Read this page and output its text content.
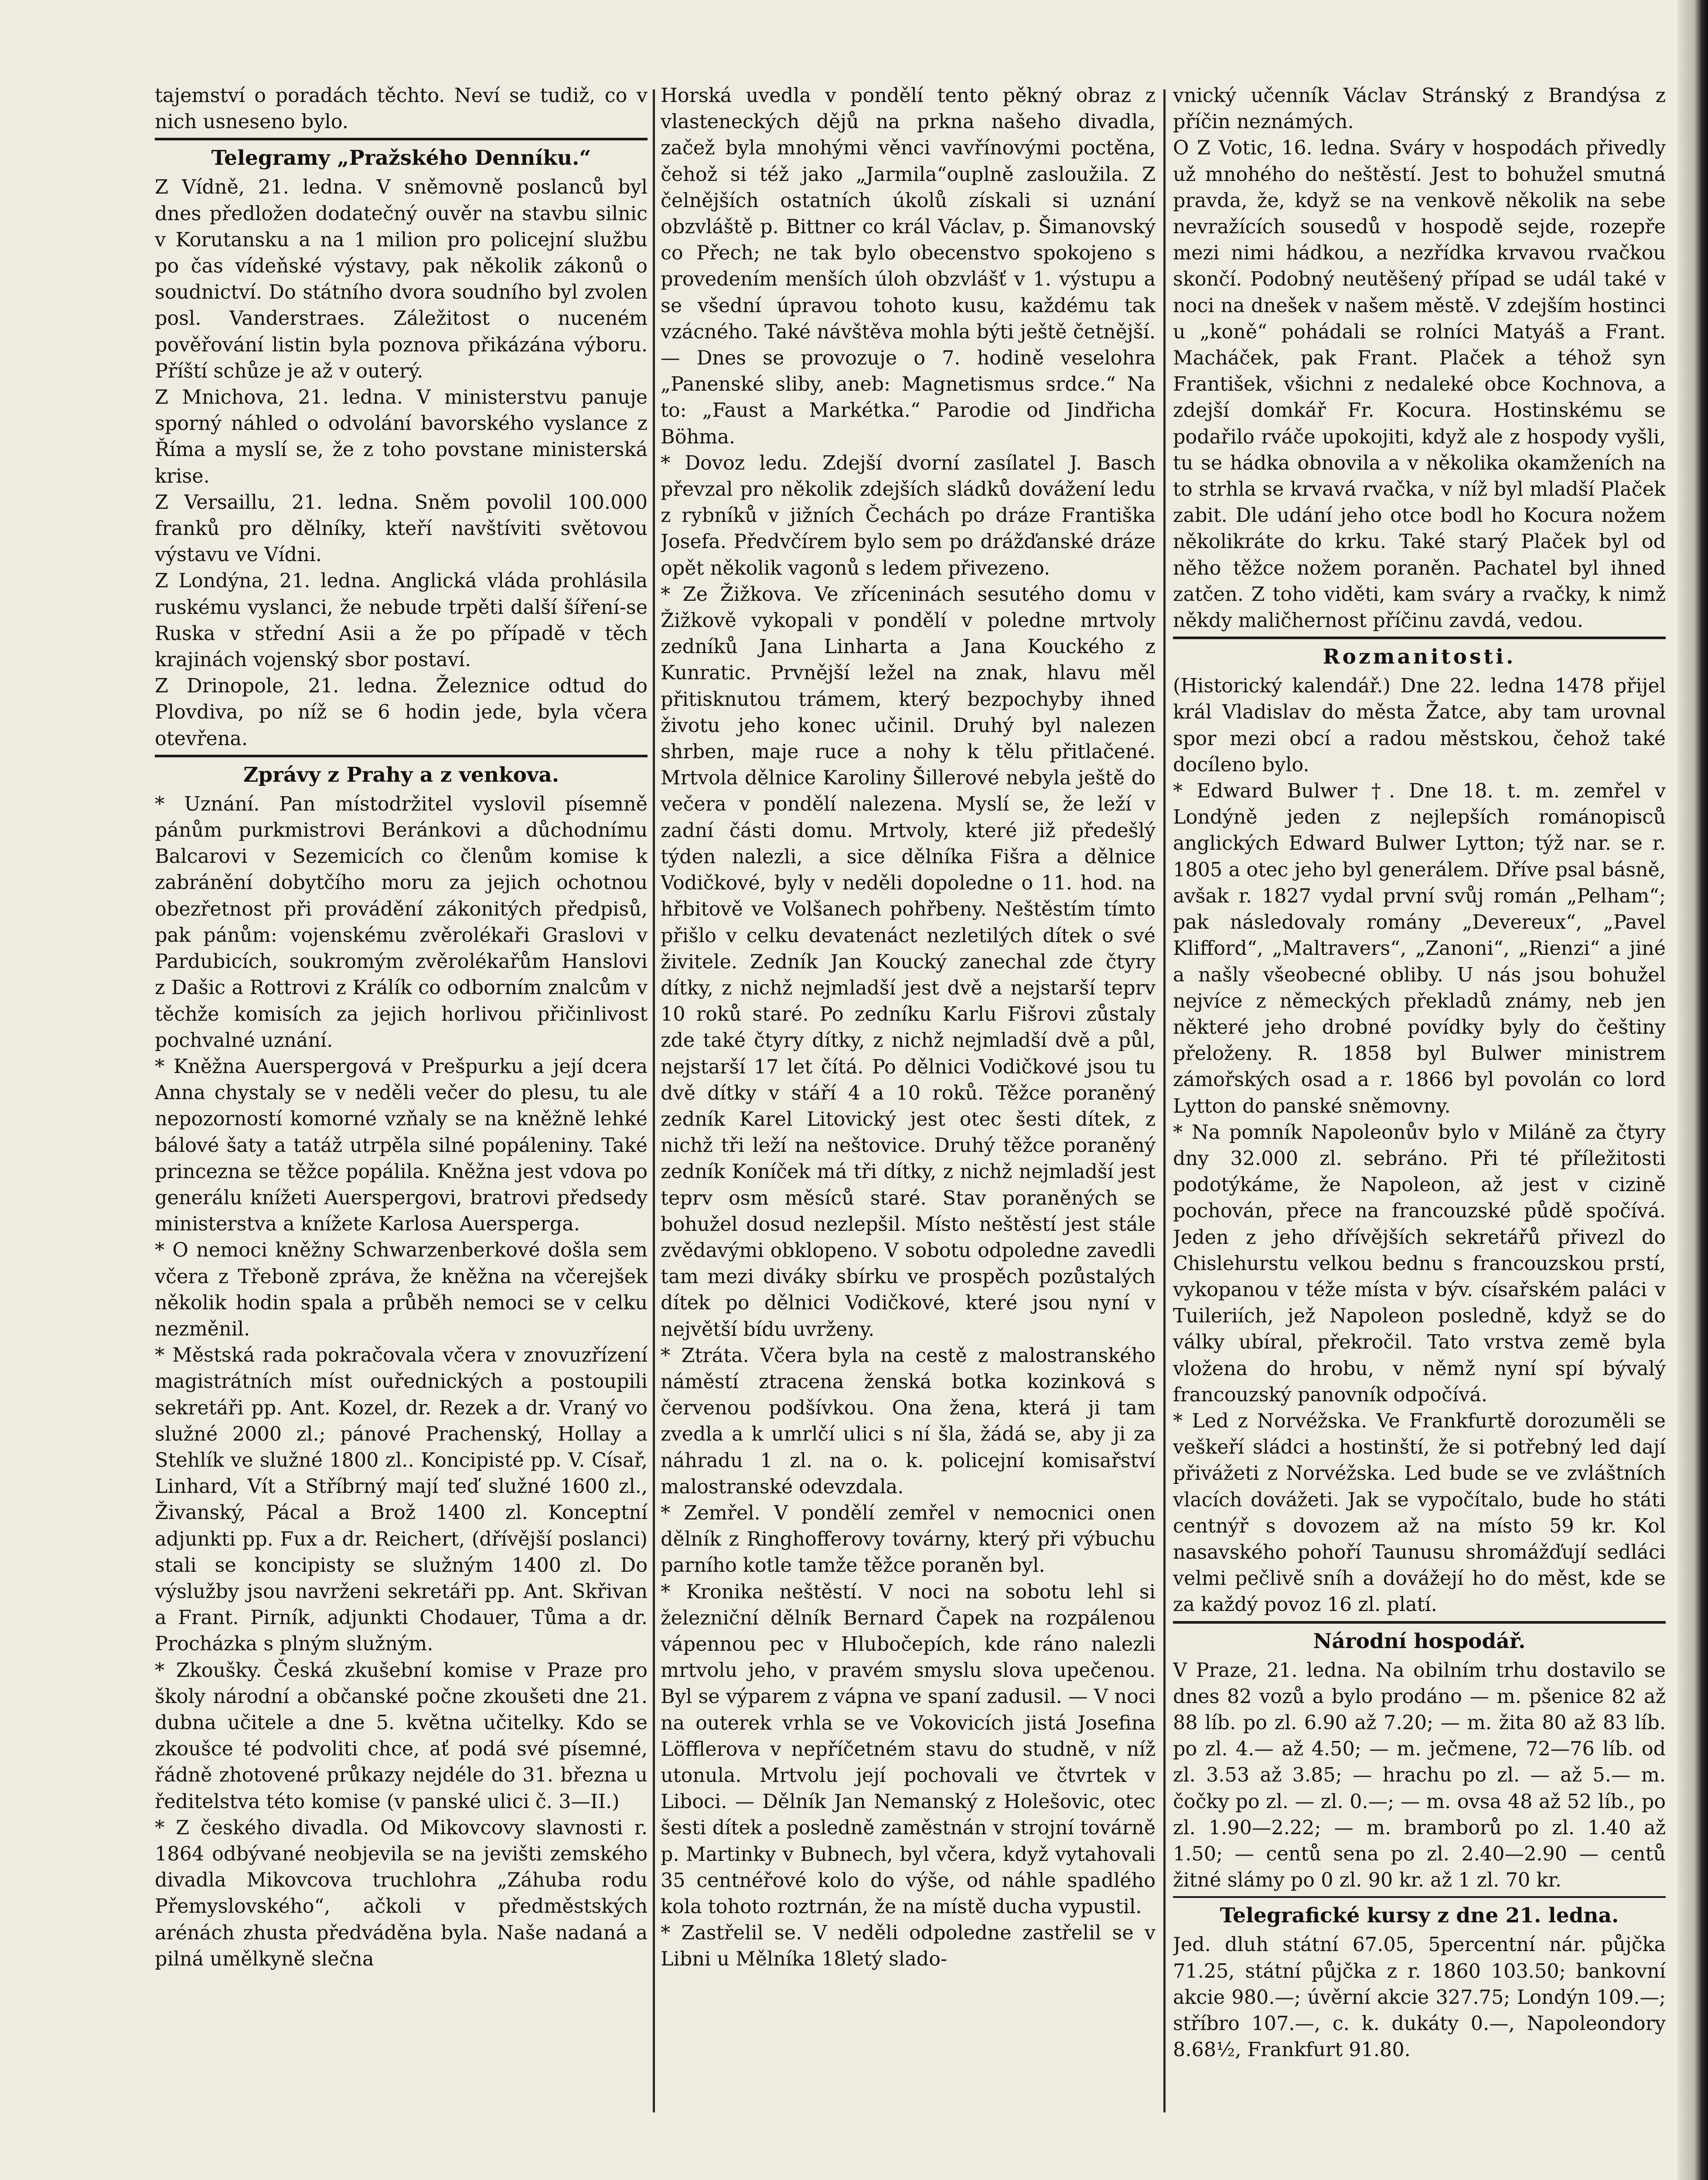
tajemství o poradách těchto. Neví se tudiž, co v nich usneseno bylo.

Telegramy „Pražského Denníku.“

Z Vídně, 21. ledna. V sněmovně poslanců byl dnes předložen dodatečný ouvěr na stavbu silnic v Korutansku a na 1 milion pro policejní službu po čas vídeňské výstavy, pak několik zákonů o soudnictví. Do státního dvora soudního byl zvolen posl. Vanderstraes. Záležitost o nuceném pověřování listin byla poznova přikázána výboru. Příští schůze je až v outerý.

Z Mnichova, 21. ledna. V ministerstvu panuje sporný náhled o odvolání bavorského vyslance z Říma a myslí se, že z toho povstane ministerská krise.

Z Versaillu, 21. ledna. Sněm povolil 100.000 franků pro dělníky, kteří navštíviti světovou výstavu ve Vídni.

Z Londýna, 21. ledna. Anglická vláda prohlásila ruskému vyslanci, že nebude trpěti další šíření-se Ruska v střední Asii a že po případě v těch krajinách vojenský sbor postaví.

Z Drinopole, 21. ledna. Železnice odtud do Plovdiva, po níž se 6 hodin jede, byla včera otevřena.

Zprávy z Prahy a z venkova.

* Uznání. Pan místodržitel vyslovil písemně pánům purkmistrovi Beránkovi a důchodnímu Balcarovi v Sezemicích co členům komise k zabránění dobytčího moru za jejich ochotnou obezřetnost při provádění zákonitých předpisů, pak pánům: vojenskému zvěrolékaři Graslovi v Pardubicích, soukromým zvěrolékařům Hanslovi z Dašic a Rottrovi z Králík co odborním znalcům v těchže komisích za jejich horlivou přičinlivost pochvalné uznání.

* Kněžna Auerspergová v Prešpurku a její dcera Anna chystaly se v neděli večer do plesu, tu ale nepozorností komorné vzňaly se na kněžně lehké bálové šaty a tatáž utrpěla silné popáleniny. Také princezna se těžce popálila. Kněžna jest vdova po generálu knížeti Auerspergovi, bratrovi předsedy ministerstva a knížete Karlosa Auersperga.

* O nemoci kněžny Schwarzenberkové došla sem včera z Třeboně zpráva, že kněžna na včerejšek několik hodin spala a průběh nemoci se v celku nezměnil.

* Městská rada pokračovala včera v znovuzřízení magistrátních míst ouřednických a postoupili sekretáři pp. Ant. Kozel, dr. Rezek a dr. Vraný vo služné 2000 zl.; pánové Prachenský, Hollay a Stehlík ve služné 1800 zl.. Koncipisté pp. V. Císař, Linhard, Vít a Stříbrný mají teď služné 1600 zl., Živanský, Pácal a Brož 1400 zl. Konceptní adjunkti pp. Fux a dr. Reichert, (dřívější poslanci) stali se koncipisty se služným 1400 zl. Do výslužby jsou navrženi sekretáři pp. Ant. Skřivan a Frant. Pirník, adjunkti Chodauer, Tůma a dr. Procházka s plným služným.

* Zkoušky. Česká zkušební komise v Praze pro školy národní a občanské počne zkoušeti dne 21. dubna učitele a dne 5. května učitelky. Kdo se zkoušce té podvoliti chce, ať podá své písemné, řádně zhotovené průkazy nejdéle do 31. března u ředitelstva této komise (v panské ulici č. 3—II.)

* Z českého divadla. Od Mikovcovy slavnosti r. 1864 odbývané neobjevila se na jevišti zemského divadla Mikovcova truchlohra „Záhuba rodu Přemyslovského“, ačkoli v předměstských arénách zhusta předváděna byla. Naše nadaná a pilná umělkyně slečna

Horská uvedla v pondělí tento pěkný obraz z vlasteneckých dějů na prkna našeho divadla, začež byla mnohými věnci vavřínovými poctěna, čehož si též jako „Jarmila“ouplně zasloužila. Z čelnějších ostatních úkolů získali si uznání obzvláště p. Bittner co král Václav, p. Šimanovský co Přech; ne tak bylo obecenstvo spokojeno s provedením menších úloh obzvlášť v 1. výstupu a se všední úpravou tohoto kusu, každému tak vzácného. Také návštěva mohla býti ještě četnější. — Dnes se provozuje o 7. hodině veselohra „Panenské sliby, aneb: Magnetismus srdce.“ Na to: „Faust a Markétka.“ Parodie od Jindřicha Böhma.

* Dovoz ledu. Zdejší dvorní zasílatel J. Basch převzal pro několik zdejších sládků dovážení ledu z rybníků v jižních Čechách po dráze Františka Josefa. Předvčírem bylo sem po drážďanské dráze opět několik vagonů s ledem přivezeno.

* Ze Žižkova. Ve zříceninách sesutého domu v Žižkově vykopali v pondělí v poledne mrtvoly zedníků Jana Linharta a Jana Kouckého z Kunratic. Prvnější ležel na znak, hlavu měl přitisknutou trámem, který bezpochyby ihned životu jeho konec učinil. Druhý byl nalezen shrben, maje ruce a nohy k tělu přitlačené. Mrtvola dělnice Karoliny Šillerové nebyla ještě do večera v pondělí nalezena. Myslí se, že leží v zadní části domu. Mrtvoly, které již předešlý týden nalezli, a sice dělníka Fišra a dělnice Vodičkové, byly v neděli dopoledne o 11. hod. na hřbitově ve Volšanech pohřbeny. Neštěstím tímto přišlo v celku devatenáct nezletilých dítek o své živitele. Zedník Jan Koucký zanechal zde čtyry dítky, z nichž nejmladší jest dvě a nejstarší teprv 10 roků staré. Po zedníku Karlu Fišrovi zůstaly zde také čtyry dítky, z nichž nejmladší dvě a půl, nejstarší 17 let čítá. Po dělnici Vodičkové jsou tu dvě dítky v stáří 4 a 10 roků. Těžce poraněný zedník Karel Litovický jest otec šesti dítek, z nichž tři leží na neštovice. Druhý těžce poraněný zedník Koníček má tři dítky, z nichž nejmladší jest teprv osm měsíců staré. Stav poraněných se bohužel dosud nezlepšil. Místo neštěstí jest stále zvědavými obklopeno. V sobotu odpoledne zavedli tam mezi diváky sbírku ve prospěch pozůstalých dítek po dělnici Vodičkové, které jsou nyní v největší bídu uvrženy.

* Ztráta. Včera byla na cestě z malostranského náměstí ztracena ženská botka kozinková s červenou podšívkou. Ona žena, která ji tam zvedla a k umrlčí ulici s ní šla, žádá se, aby ji za náhradu 1 zl. na o. k. policejní komisařství malostranské odevzdala.

* Zemřel. V pondělí zemřel v nemocnici onen dělník z Ringhofferovy továrny, který při výbuchu parního kotle tamže těžce poraněn byl.

* Kronika neštěstí. V noci na sobotu lehl si železniční dělník Bernard Čapek na rozpálenou vápennou pec v Hlubočepích, kde ráno nalezli mrtvolu jeho, v pravém smyslu slova upečenou. Byl se výparem z vápna ve spaní zadusil. — V noci na outerek vrhla se ve Vokovicích jistá Josefina Löfflerova v nepříčetném stavu do studně, v níž utonula. Mrtvolu její pochovali ve čtvrtek v Liboci. — Dělník Jan Nemanský z Holešovic, otec šesti dítek a posledně zaměstnán v strojní továrně p. Martinky v Bubnech, byl včera, když vytahovali 35 centnéřové kolo do výše, od náhle spadlého kola tohoto roztrnán, že na místě ducha vypustil.

* Zastřelil se. V neděli odpoledne zastřelil se v Libni u Mělníka 18letý slado-

vnický učenník Václav Stránský z Brandýsa z příčin neznámých.

O Z Votic, 16. ledna. Sváry v hospodách přivedly už mnohého do neštěstí. Jest to bohužel smutná pravda, že, když se na venkově několik na sebe nevražících sousedů v hospodě sejde, rozepře mezi nimi hádkou, a nezřídka krvavou rvačkou skončí. Podobný neutěšený případ se udál také v noci na dnešek v našem městě. V zdejším hostinci u „koně“ pohádali se rolníci Matyáš a Frant. Macháček, pak Frant. Plaček a téhož syn František, všichni z nedaleké obce Kochnova, a zdejší domkář Fr. Kocura. Hostinskému se podařilo rváče upokojiti, když ale z hospody vyšli, tu se hádka obnovila a v několika okamženích na to strhla se krvavá rvačka, v níž byl mladší Plaček zabit. Dle udání jeho otce bodl ho Kocura nožem několikráte do krku. Také starý Plaček byl od něho těžce nožem poraněn. Pachatel byl ihned zatčen. Z toho viděti, kam sváry a rvačky, k nimž někdy maličhernost příčinu zavdá, vedou.

Rozmanitosti.

(Historický kalendář.) Dne 22. ledna 1478 přijel král Vladislav do města Žatce, aby tam urovnal spor mezi obcí a radou městskou, čehož také docíleno bylo.

* Edward Bulwer †. Dne 18. t. m. zemřel v Londýně jeden z nejlepších románopisců anglických Edward Bulwer Lytton; týž nar. se r. 1805 a otec jeho byl generálem. Dříve psal básně, avšak r. 1827 vydal první svůj román „Pelham“; pak následovaly romány „Devereux“, „Pavel Klifford“, „Maltravers“, „Zanoni“, „Rienzi“ a jiné a našly všeobecné obliby. U nás jsou bohužel nejvíce z německých překladů známy, neb jen některé jeho drobné povídky byly do češtiny přeloženy. R. 1858 byl Bulwer ministrem zámořských osad a r. 1866 byl povolán co lord Lytton do panské sněmovny.

* Na pomník Napoleonův bylo v Miláně za čtyry dny 32.000 zl. sebráno. Při té příležitosti podotýkáme, že Napoleon, až jest v cizině pochován, přece na francouzské půdě spočívá. Jeden z jeho dřívějších sekretářů přivezl do Chislehurstu velkou bednu s francouzskou prstí, vykopanou v téže místa v býv. císařském paláci v Tuileriích, jež Napoleon posledně, když se do války ubíral, překročil. Tato vrstva země byla vložena do hrobu, v němž nyní spí bývalý francouzský panovník odpočívá.

* Led z Norvéžska. Ve Frankfurtě dorozuměli se veškeří sládci a hostinští, že si potřebný led dají přivážeti z Norvéžska. Led bude se ve zvláštních vlacích dovážeti. Jak se vypočítalo, bude ho státi centnýř s dovozem až na místo 59 kr. Kol nasavského pohoří Taunusu shromážďují sedláci velmi pečlivě sníh a dovážejí ho do měst, kde se za každý povoz 16 zl. platí.

Národní hospodář.

V Praze, 21. ledna. Na obilním trhu dostavilo se dnes 82 vozů a bylo prodáno — m. pšenice 82 až 88 líb. po zl. 6.90 až 7.20; — m. žita 80 až 83 líb. po zl. 4.— až 4.50; — m. ječmene, 72—76 líb. od zl. 3.53 až 3.85; — hrachu po zl. — až 5.— m. čočky po zl. — zl. 0.—; — m. ovsa 48 až 52 líb., po zl. 1.90—2.22; — m. bramborů po zl. 1.40 až 1.50; — centů sena po zl. 2.40—2.90 — centů žitné slámy po 0 zl. 90 kr. až 1 zl. 70 kr.

Telegrafické kursy z dne 21. ledna.

Jed. dluh státní 67.05, 5percentní nár. půjčka 71.25, státní půjčka z r. 1860 103.50; bankovní akcie 980.—; úvěrní akcie 327.75; Londýn 109.—; stříbro 107.—, c. k. dukáty 0.—, Napoleondory 8.68½, Frankfurt 91.80.
